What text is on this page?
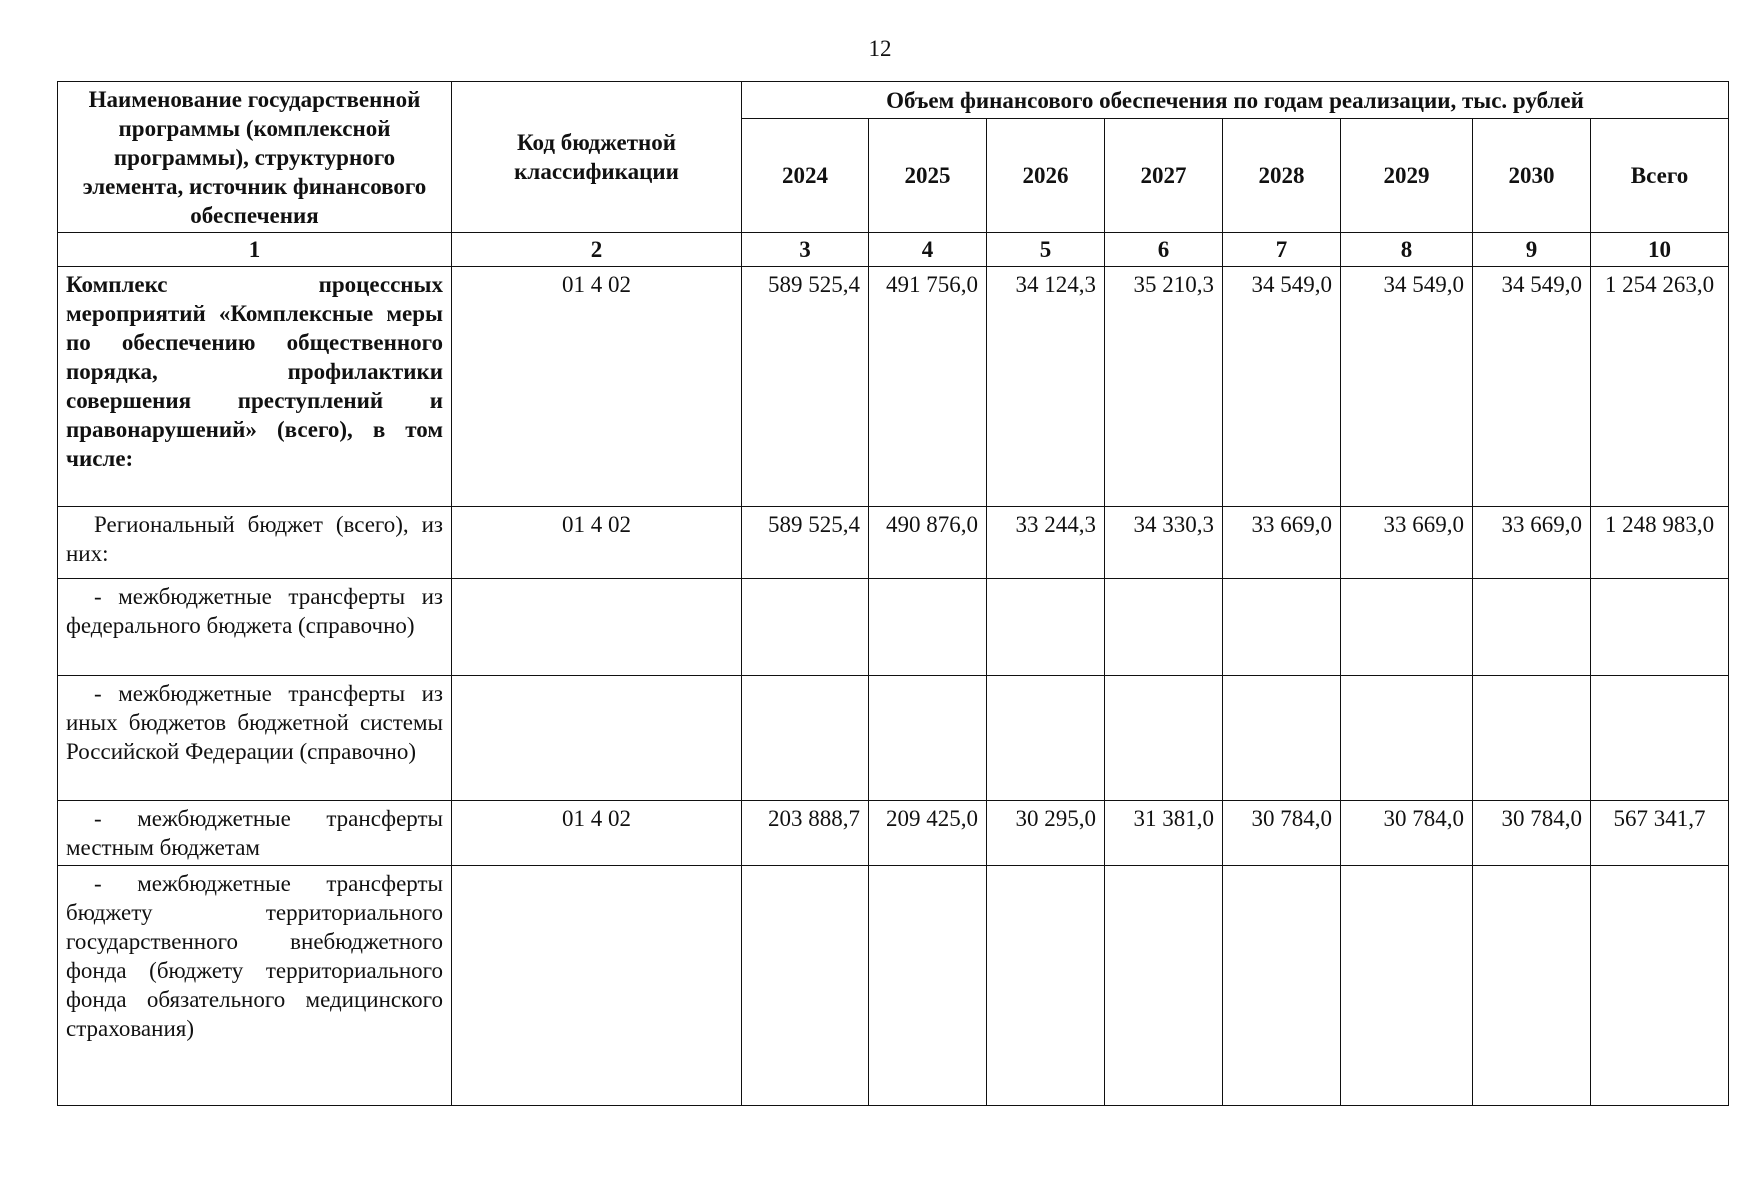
12
Наименование государственной программы (комплексной программы), структурного элемента, источник финансового обеспечения	Код бюджетной классификации	Объем финансового обеспечения по годам реализации, тыс. рублей							
		2024	2025	2026	2027	2028	2029	2030	Всего
1	2	3	4	5	6	7	8	9	10
Комплекс процессных мероприятий «Комплексные меры по обеспечению общественного порядка, профилактики совершения преступлений и правонарушений» (всего), в том числе:	01 4 02	589 525,4	491 756,0	34 124,3	35 210,3	34 549,0	34 549,0	34 549,0	1 254 263,0
Региональный бюджет (всего), из них:	01 4 02	589 525,4	490 876,0	33 244,3	34 330,3	33 669,0	33 669,0	33 669,0	1 248 983,0
- межбюджетные трансферты из федерального бюджета (справочно)									
- межбюджетные трансферты из иных бюджетов бюджетной системы Российской Федерации (справочно)									
- межбюджетные трансферты местным бюджетам	01 4 02	203 888,7	209 425,0	30 295,0	31 381,0	30 784,0	30 784,0	30 784,0	567 341,7
- межбюджетные трансферты бюджету территориального государственного внебюджетного фонда (бюджету территориального фонда обязательного медицинского страхования)									
